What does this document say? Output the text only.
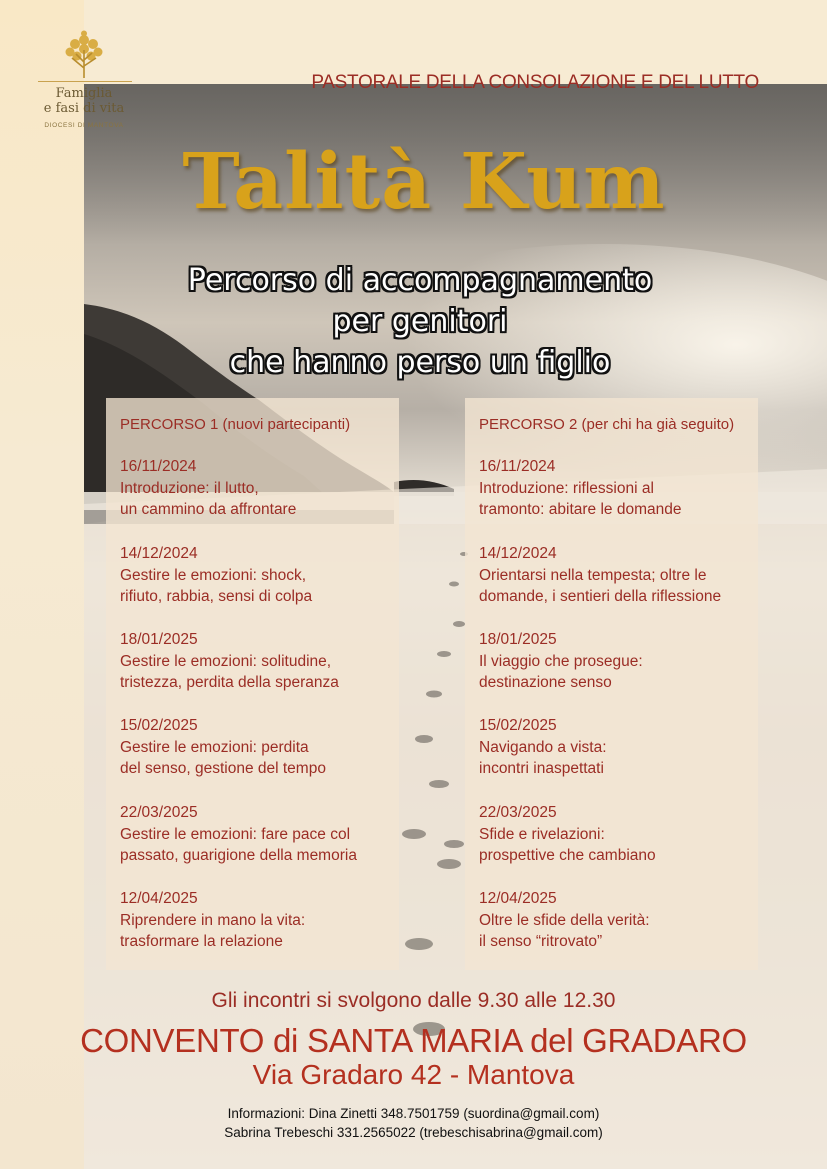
Famiglia
e fasi di vita
DIOCESI DI MANTOVA
PASTORALE DELLA CONSOLAZIONE E DEL LUTTO
Talità Kum
Percorso di accompagnamento
per genitori
che hanno perso un figlio
PERCORSO 1 (nuovi partecipanti)
16/11/2024
Introduzione: il lutto,
un cammino da affrontare
14/12/2024
Gestire le emozioni: shock,
rifiuto, rabbia, sensi di colpa
18/01/2025
Gestire le emozioni: solitudine,
tristezza, perdita della speranza
15/02/2025
Gestire le emozioni: perdita
del senso, gestione del tempo
22/03/2025
Gestire le emozioni: fare pace col
passato, guarigione della memoria
12/04/2025
Riprendere in mano la vita:
trasformare la relazione
PERCORSO 2 (per chi ha già seguito)
16/11/2024
Introduzione: riflessioni al
tramonto: abitare le domande
14/12/2024
Orientarsi nella tempesta; oltre le
domande, i sentieri della riflessione
18/01/2025
Il viaggio che prosegue:
destinazione senso
15/02/2025
Navigando a vista:
incontri inaspettati
22/03/2025
Sfide e rivelazioni:
prospettive che cambiano
12/04/2025
Oltre le sfide della verità:
il senso “ritrovato”
Gli incontri si svolgono dalle 9.30 alle 12.30
CONVENTO di SANTA MARIA del GRADARO
Via Gradaro 42 - Mantova
Informazioni: Dina Zinetti 348.7501759 (suordina@gmail.com)
Sabrina Trebeschi 331.2565022 (trebeschisabrina@gmail.com)
